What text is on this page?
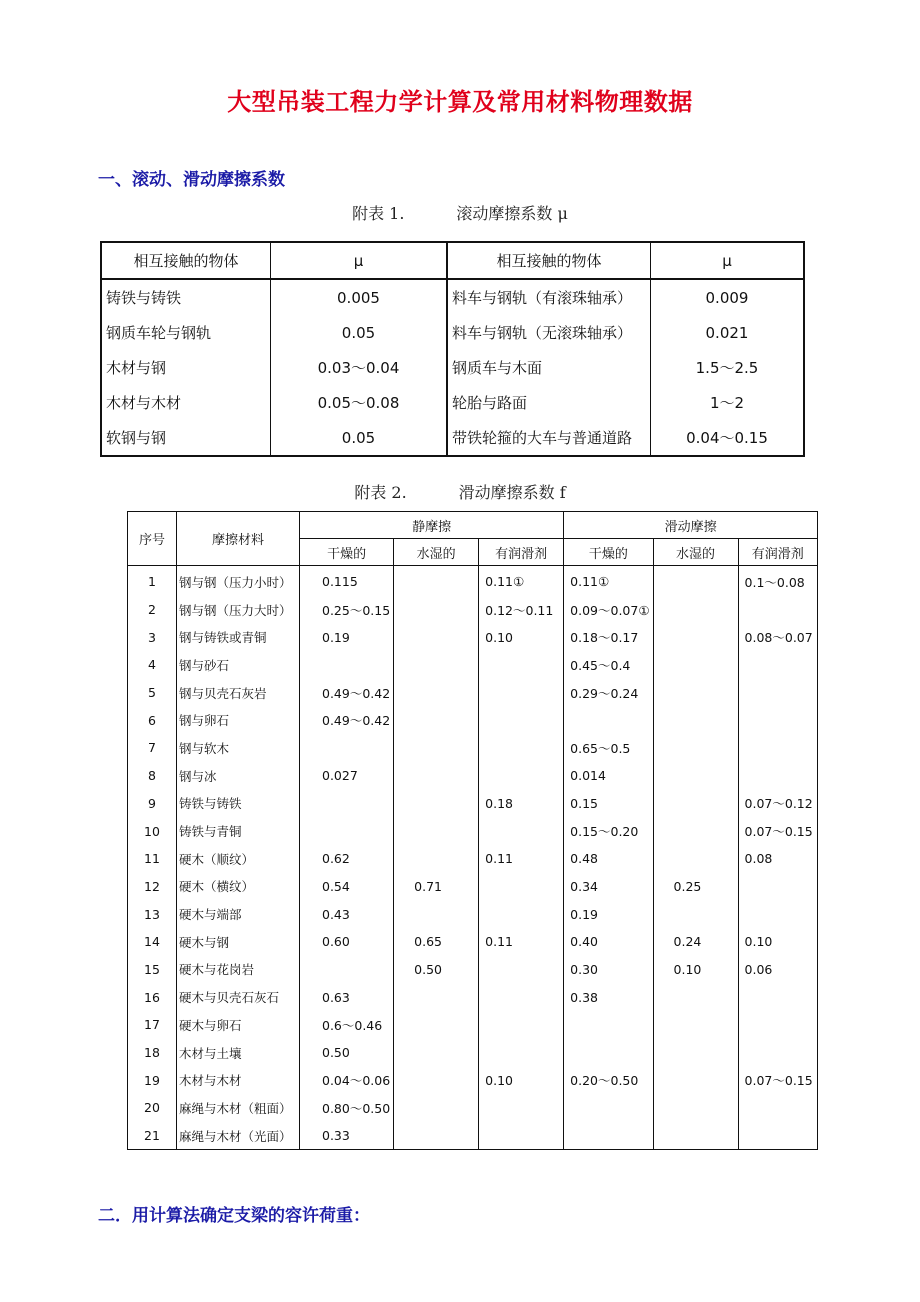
大型吊装工程力学计算及常用材料物理数据
一、滚动、滑动摩擦系数
附表 1.	滚动摩擦系数 μ
相互接触的物体	μ	相互接触的物体	μ
铸铁与铸铁	0.005	料车与钢轨（有滚珠轴承）	0.009
钢质车轮与钢轨	0.05	料车与钢轨（无滚珠轴承）	0.021
木材与钢	0.03～0.04	钢质车与木面	1.5～2.5
木材与木材	0.05～0.08	轮胎与路面	1～2
软钢与钢	0.05	带铁轮箍的大车与普通道路	0.04～0.15
附表 2.	滑动摩擦系数 f
序号	摩擦材料	静摩擦			滑动摩擦		
		干燥的	水湿的	有润滑剂	干燥的	水湿的	有润滑剂
1	钢与钢（压力小时）	0.115		0.11①	0.11①		0.1～0.08
2	钢与钢（压力大时）	0.25～0.15		0.12～0.11	0.09～0.07①		
3	钢与铸铁或青铜	0.19		0.10	0.18～0.17		0.08～0.07
4	钢与砂石				0.45～0.4		
5	钢与贝壳石灰岩	0.49～0.42			0.29～0.24		
6	钢与卵石	0.49～0.42					
7	钢与软木				0.65～0.5		
8	钢与冰	0.027			0.014		
9	铸铁与铸铁			0.18	0.15		0.07～0.12
10	铸铁与青铜				0.15～0.20		0.07～0.15
11	硬木（顺纹）	0.62		0.11	0.48		0.08
12	硬木（横纹）	0.54	0.71		0.34	0.25	
13	硬木与端部	0.43			0.19		
14	硬木与钢	0.60	0.65	0.11	0.40	0.24	0.10
15	硬木与花岗岩		0.50		0.30	0.10	0.06
16	硬木与贝壳石灰石	0.63			0.38		
17	硬木与卵石	0.6～0.46					
18	木材与土壤	0.50					
19	木材与木材	0.04～0.06		0.10	0.20～0.50		0.07～0.15
20	麻绳与木材（粗面）	0.80～0.50					
21	麻绳与木材（光面）	0.33					
二．用计算法确定支梁的容许荷重：
